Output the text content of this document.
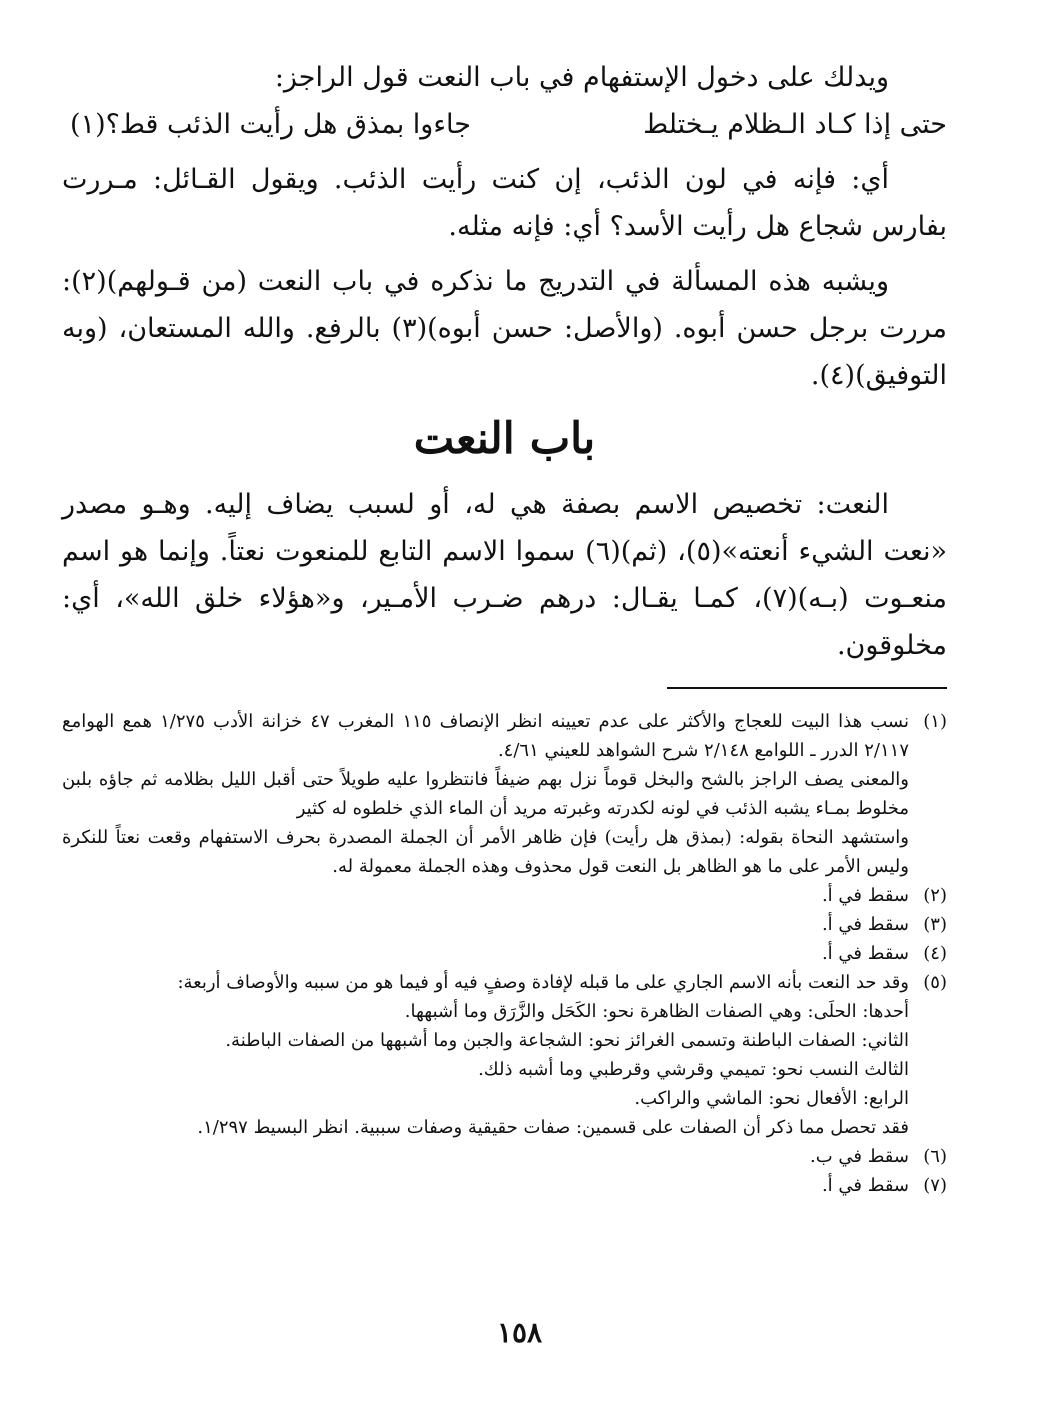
ويدلك على دخول الإستفهام في باب النعت قول الراجز:

حتى إذا كـاد الـظلام يـختلط
جاءوا بمذق هل رأيت الذئب قط؟(١)

أي: فإنه في لون الذئب، إن كنت رأيت الذئب. ويقول القـائل: مـررت بفارس شجاع هل رأيت الأسد؟ أي: فإنه مثله.

ويشبه هذه المسألة في التدريج ما نذكره في باب النعت (من قـولهم)(٢): مررت برجل حسن أبوه. (والأصل: حسن أبوه)(٣) بالرفع. والله المستعان، (وبه التوفيق)(٤).

باب النعت

النعت: تخصيص الاسم بصفة هي له، أو لسبب يضاف إليه. وهـو مصدر «نعت الشيء أنعته»(٥)، (ثم)(٦) سموا الاسم التابع للمنعوت نعتاً. وإنما هو اسم منعـوت (بـه)(٧)، كمـا يقـال: درهم ضـرب الأمـير، و«هؤلاء خلق الله»، أي: مخلوقون.

(١)

نسب هذا البيت للعجاج والأكثر على عدم تعيينه انظر الإنصاف ١١٥ المغرب ٤٧ خزانة الأدب ١/٢٧٥ همع الهوامع ٢/١١٧ الدرر ـ اللوامع ٢/١٤٨ شرح الشواهد للعيني ٤/٦١.

والمعنى يصف الراجز بالشح والبخل قوماً نزل بهم ضيفاً فانتظروا عليه طويلاً حتى أقبل الليل بظلامه ثم جاؤه بلبن مخلوط بمـاء يشبه الذئب في لونه لكدرته وغبرته مريد أن الماء الذي خلطوه له كثير

واستشهد النحاة بقوله: (بمذق هل رأيت) فإن ظاهر الأمر أن الجملة المصدرة بحرف الاستفهام وقعت نعتاً للنكرة وليس الأمر على ما هو الظاهر بل النعت قول محذوف وهذه الجملة معمولة له.

(٢)

سقط في أ.

(٣)

سقط في أ.

(٤)

سقط في أ.

(٥)

وقد حد النعت بأنه الاسم الجاري على ما قبله لإفادة وصفٍ فيه أو فيما هو من سببه والأوصاف أربعة:

أحدها: الحلَى: وهي الصفات الظاهرة نحو: الكَحَل والزَّرَق وما أشبهها.

الثاني: الصفات الباطنة وتسمى الغرائز نحو: الشجاعة والجبن وما أشبهها من الصفات الباطنة.

الثالث النسب نحو: تميمي وقرشي وقرطبي وما أشبه ذلك.

الرابع: الأفعال نحو: الماشي والراكب.

فقد تحصل مما ذكر أن الصفات على قسمين: صفات حقيقية وصفات سببية. انظر البسيط ١/٢٩٧.

(٦)

سقط في ب.

(٧)

سقط في أ.

١٥٨
